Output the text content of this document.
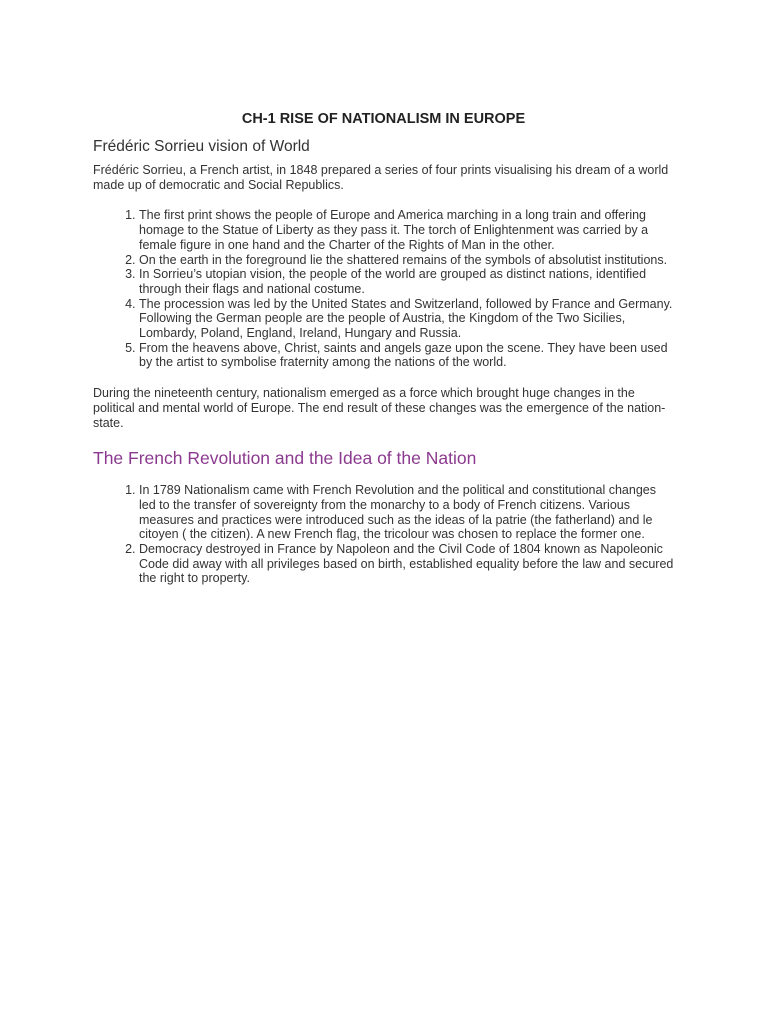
CH-1 RISE OF NATIONALISM IN EUROPE
Frédéric Sorrieu vision of World

Frédéric Sorrieu, a French artist, in 1848 prepared a series of four prints visualising his dream of a world made up of democratic and Social Republics.

1. The first print shows the people of Europe and America marching in a long train and offering homage to the Statue of Liberty as they pass it. The torch of Enlightenment was carried by a female figure in one hand and the Charter of the Rights of Man in the other.
2. On the earth in the foreground lie the shattered remains of the symbols of absolutist institutions.
3. In Sorrieu’s utopian vision, the people of the world are grouped as distinct nations, identified through their flags and national costume.
4. The procession was led by the United States and Switzerland, followed by France and Germany. Following the German people are the people of Austria, the Kingdom of the Two Sicilies, Lombardy, Poland, England, Ireland, Hungary and Russia.
5. From the heavens above, Christ, saints and angels gaze upon the scene. They have been used by the artist to symbolise fraternity among the nations of the world.

During the nineteenth century, nationalism emerged as a force which brought huge changes in the political and mental world of Europe. The end result of these changes was the emergence of the nation-state.

The French Revolution and the Idea of the Nation
1. In 1789 Nationalism came with French Revolution and the political and constitutional changes led to the transfer of sovereignty from the monarchy to a body of French citizens. Various measures and practices were introduced such as the ideas of la patrie (the fatherland) and le citoyen ( the citizen). A new French flag, the tricolour was chosen to replace the former one.
2. Democracy destroyed in France by Napoleon and the Civil Code of 1804 known as Napoleonic Code did away with all privileges based on birth, established equality before the law and secured the right to property.
